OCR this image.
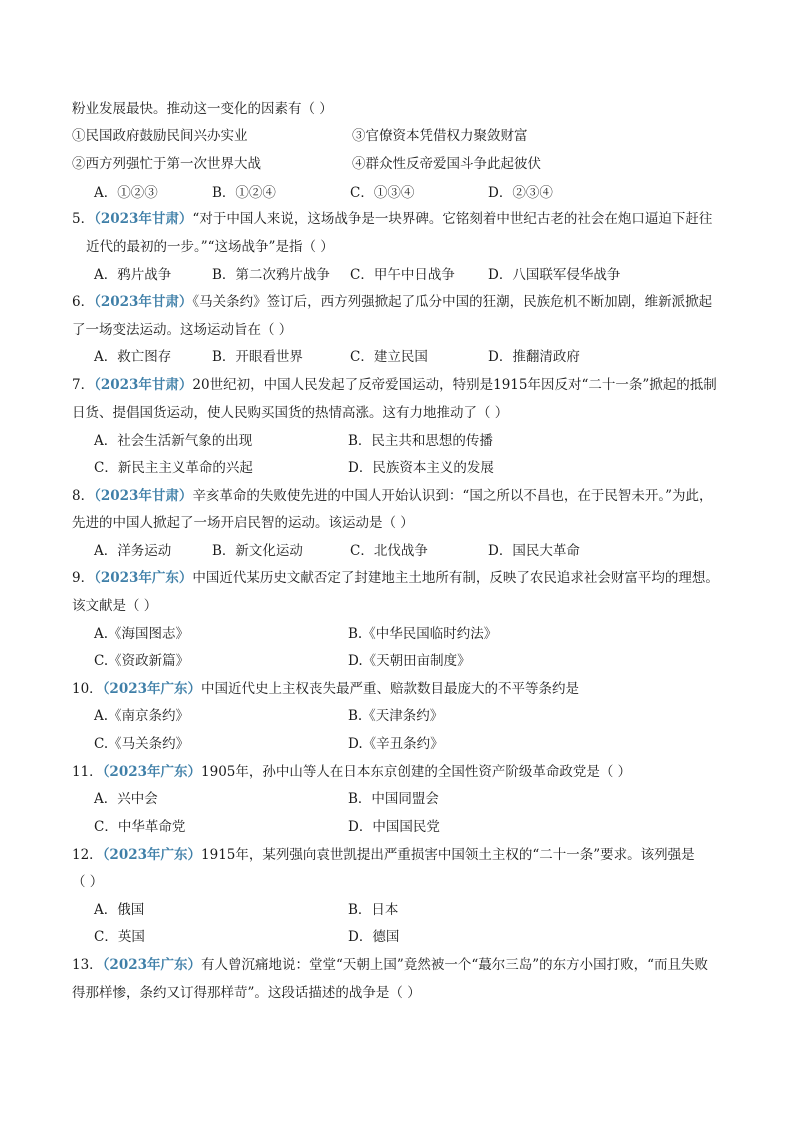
粉业发展最快。推动这一变化的因素有（ ）
①民国政府鼓励民间兴办实业	③官僚资本凭借权力聚敛财富
②西方列强忙于第一次世界大战	④群众性反帝爱国斗争此起彼伏
A．①②③	B．①②④	C．①③④	D．②③④
5．（2023年甘肃）“对于中国人来说，这场战争是一块界碑。它铭刻着中世纪古老的社会在炮口逼迫下赶往
近代的最初的一步。”“这场战争”是指（ ）
A．鸦片战争	B．第二次鸦片战争 C．甲午中日战争 D．八国联军侵华战争
6．（2023年甘肃）《马关条约》签订后，西方列强掀起了瓜分中国的狂潮，民族危机不断加剧，维新派掀起
了一场变法运动。这场运动旨在（ ）
A．救亡图存	B．开眼看世界	C．建立民国	D．推翻清政府
7．（2023年甘肃）20世纪初，中国人民发起了反帝爱国运动，特别是1915年因反对“二十一条”掀起的抵制
日货、提倡国货运动，使人民购买国货的热情高涨。这有力地推动了（ ）
A．社会生活新气象的出现	B．民主共和思想的传播
C．新民主主义革命的兴起	D．民族资本主义的发展
8．（2023年甘肃）辛亥革命的失败使先进的中国人开始认识到：“国之所以不昌也，在于民智未开。”为此，
先进的中国人掀起了一场开启民智的运动。该运动是（ ）
A．洋务运动	B．新文化运动	C．北伐战争	D．国民大革命
9．（2023年广东）中国近代某历史文献否定了封建地主土地所有制，反映了农民追求社会财富平均的理想。
该文献是（ ）
A.《海国图志》	B.《中华民国临时约法》
C.《资政新篇》	D.《天朝田亩制度》
10．（2023年广东）中国近代史上主权丧失最严重、赔款数目最庞大的不平等条约是
A.《南京条约》	B.《天津条约》
C.《马关条约》	D.《辛丑条约》
11．（2023年广东）1905年，孙中山等人在日本东京创建的全国性资产阶级革命政党是（ ）
A．兴中会	B．中国同盟会
C．中华革命党	D．中国国民党
12．（2023年广东）1915年，某列强向袁世凯提出严重损害中国领土主权的“二十一条”要求。该列强是
（ ）
A．俄国	B．日本
C．英国	D．德国
13．（2023年广东）有人曾沉痛地说：堂堂“天朝上国”竟然被一个“蕞尔三岛”的东方小国打败，“而且失败
得那样惨，条约又订得那样苛”。这段话描述的战争是（ ）
